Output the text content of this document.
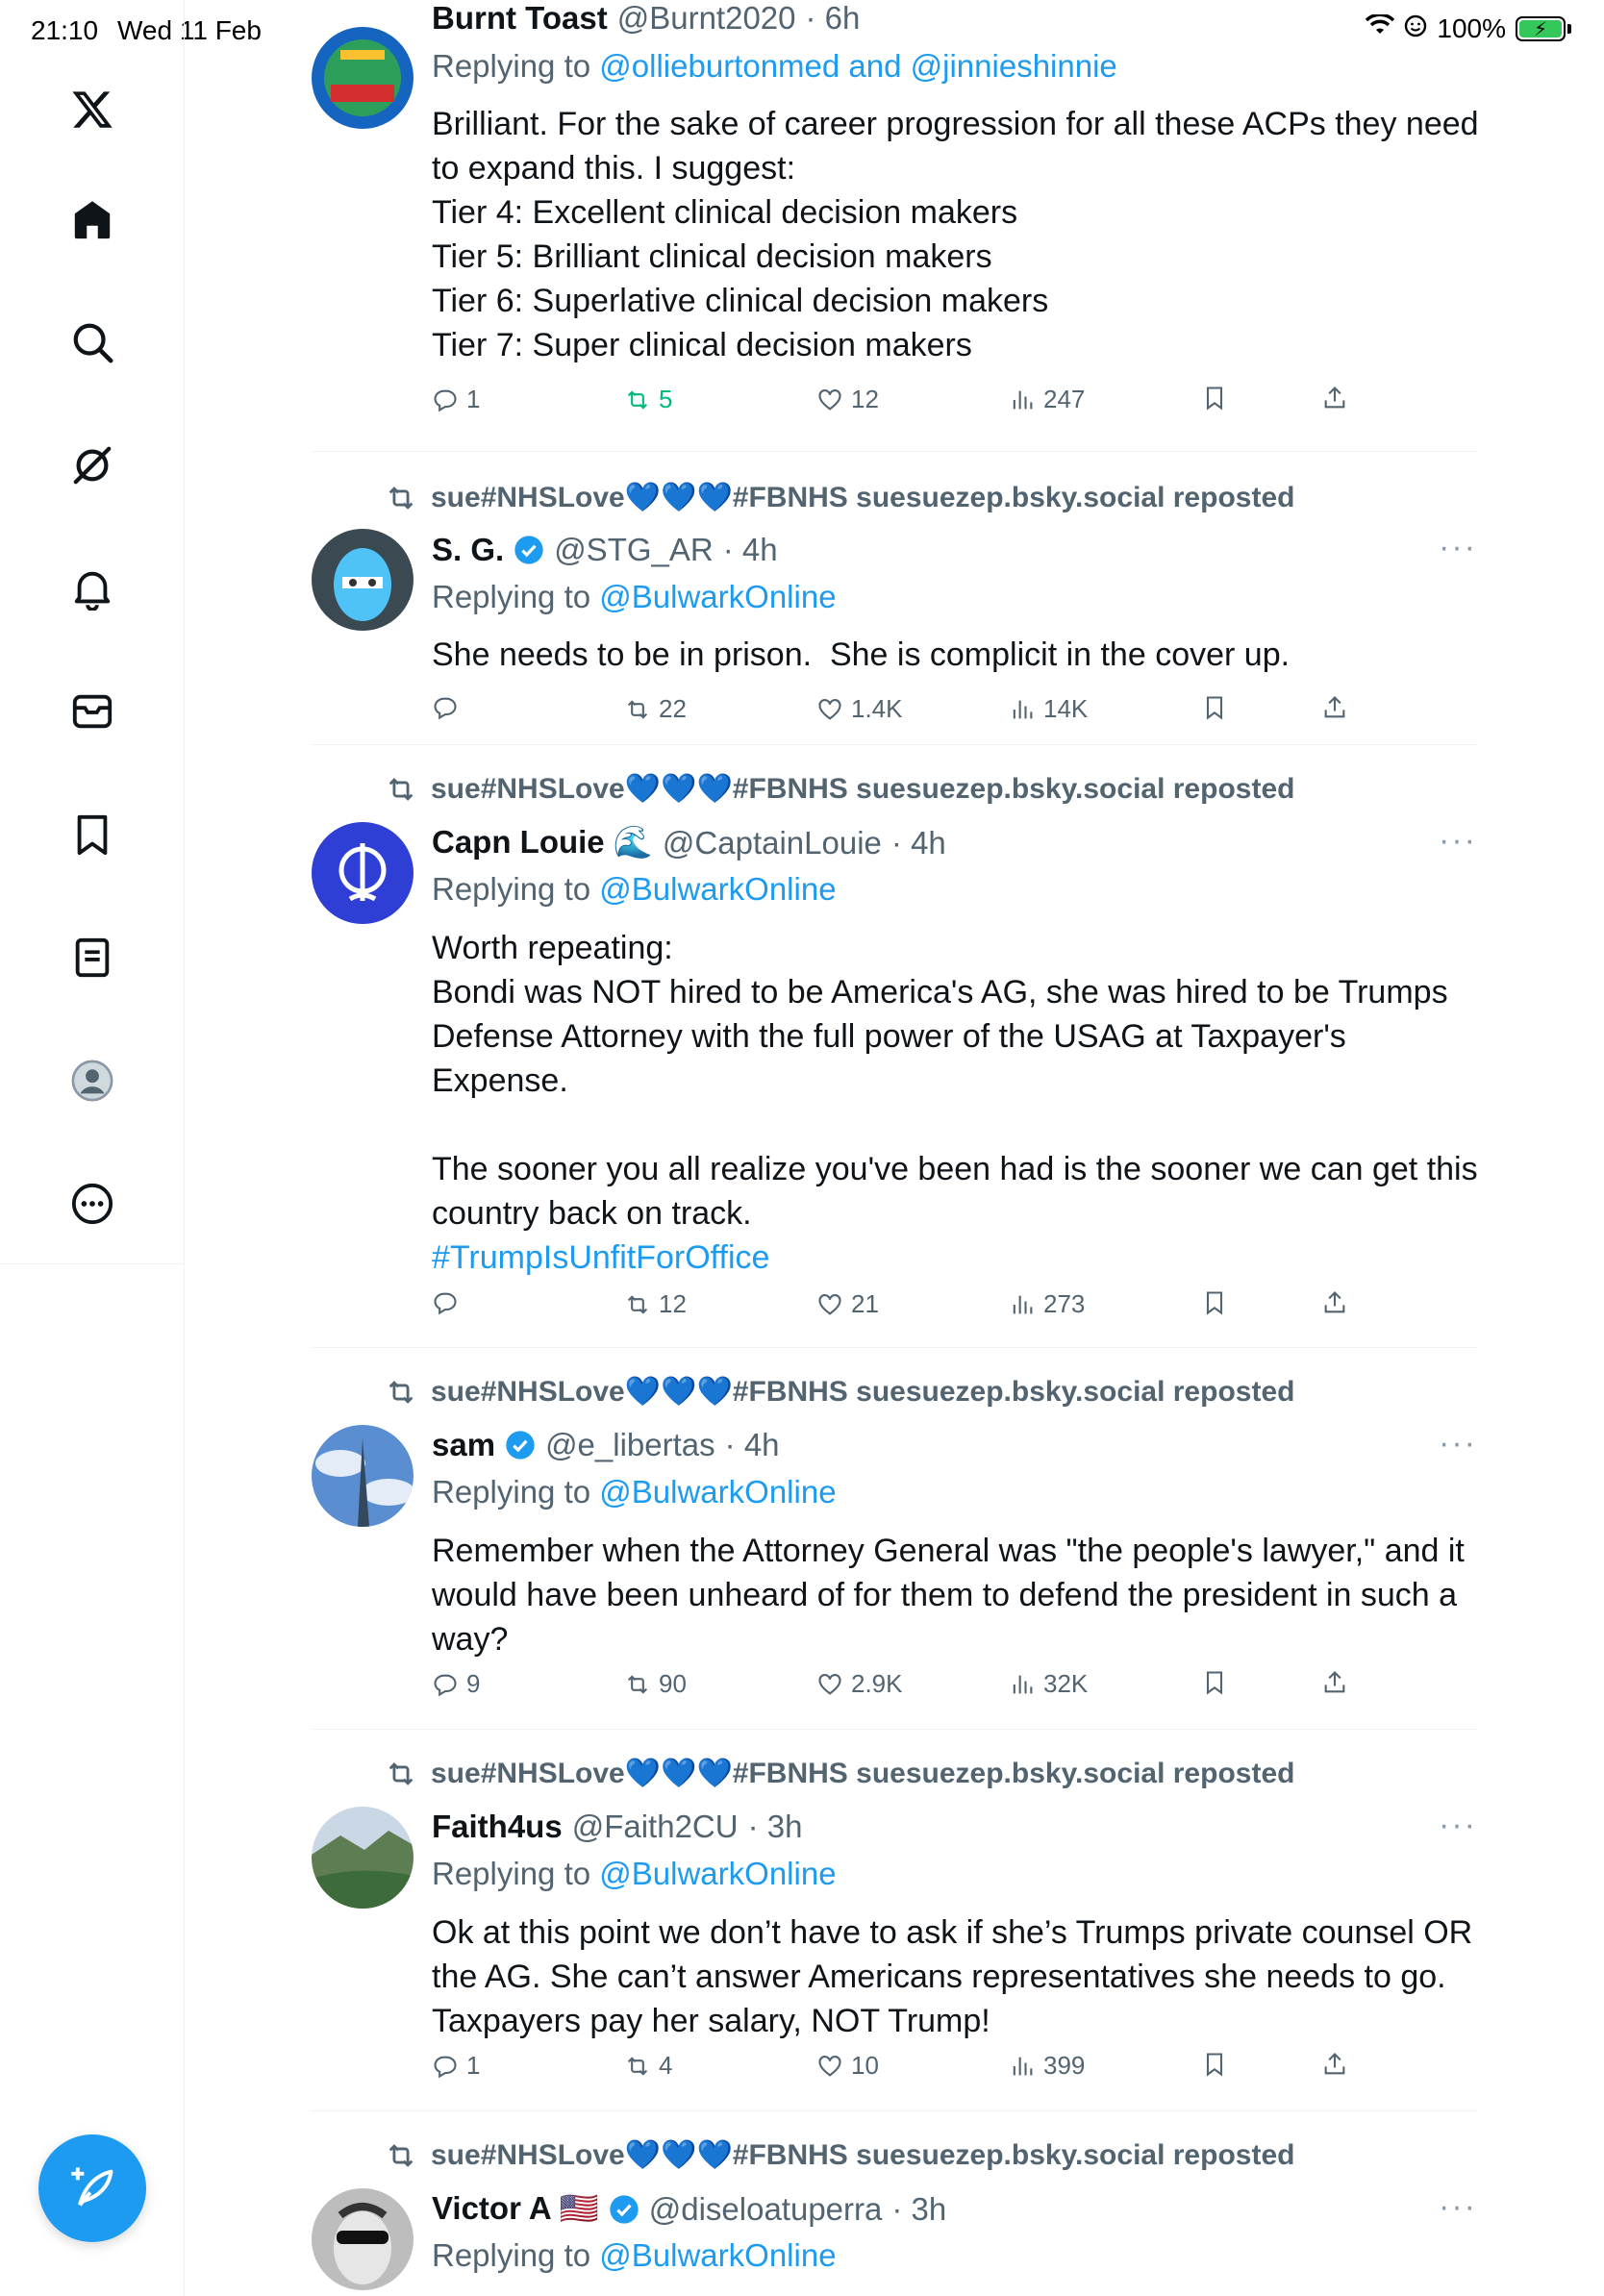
21:10 Wed 11 Feb	100% ⚡
Burnt Toast @Burnt2020 · 6h
Replying to @ollieburtonmed and @jinnieshinnie
Brilliant. For the sake of career progression for all these ACPs they need to expand this. I suggest:
Tier 4: Excellent clinical decision makers
Tier 5: Brilliant clinical decision makers
Tier 6: Superlative clinical decision makers
Tier 7: Super clinical decision makers
1	5	12	247
sue#NHSLove💙💙💙#FBNHS suesuezep.bsky.social reposted
S. G. @STG_AR · 4h	···
Replying to @BulwarkOnline
She needs to be in prison.  She is complicit in the cover up.
22	1.4K	14K
sue#NHSLove💙💙💙#FBNHS suesuezep.bsky.social reposted
Capn Louie 🌊 @CaptainLouie · 4h	···
Replying to @BulwarkOnline
Worth repeating:
Bondi was NOT hired to be America's AG, she was hired to be Trumps Defense Attorney with the full power of the USAG at Taxpayer's Expense.

The sooner you all realize you've been had is the sooner we can get this country back on track.
#TrumpIsUnfitForOffice
12	21	273
sue#NHSLove💙💙💙#FBNHS suesuezep.bsky.social reposted
sam @e_libertas · 4h	···
Replying to @BulwarkOnline
Remember when the Attorney General was "the people's lawyer," and it would have been unheard of for them to defend the president in such a way?
9	90	2.9K	32K
sue#NHSLove💙💙💙#FBNHS suesuezep.bsky.social reposted
Faith4us @Faith2CU · 3h	···
Replying to @BulwarkOnline
Ok at this point we don’t have to ask if she’s Trumps private counsel OR the AG. She can’t answer Americans representatives she needs to go. Taxpayers pay her salary, NOT Trump!
1	4	10	399
sue#NHSLove💙💙💙#FBNHS suesuezep.bsky.social reposted
Victor A 🇺🇸 @diseloatuperra · 3h	···
Replying to @BulwarkOnline
